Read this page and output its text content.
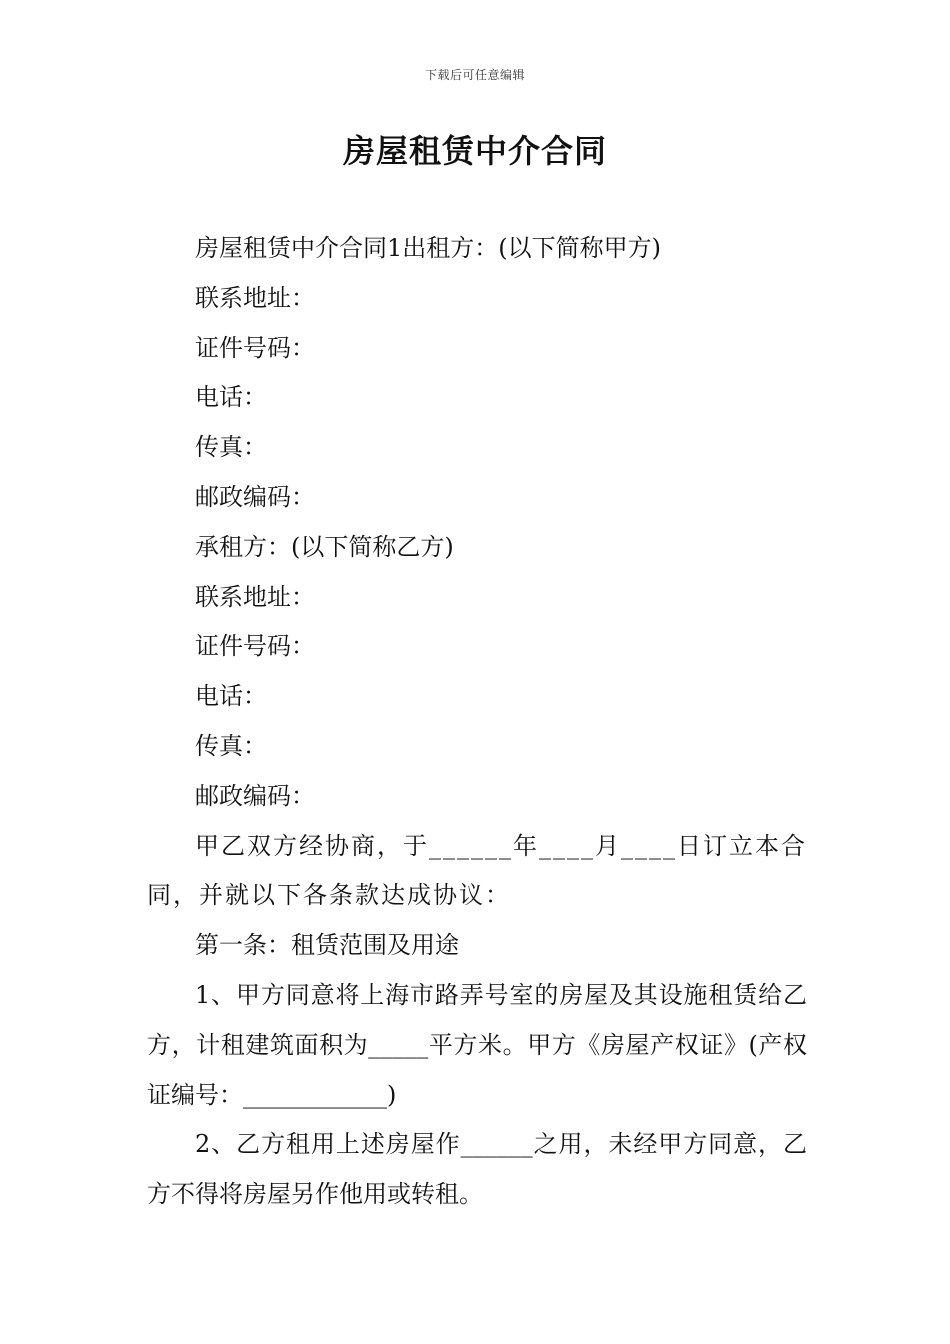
下载后可任意编辑
房屋租赁中介合同

房屋租赁中介合同1出租方：(以下简称甲方)

联系地址：

证件号码：

电话：

传真：

邮政编码：

承租方：(以下简称乙方)

联系地址：

证件号码：

电话：

传真：

邮政编码：

甲乙双方经协商，于______年____月____日订立本合同，并就以下各条款达成协议：

第一条：租赁范围及用途

1、甲方同意将上海市路弄号室的房屋及其设施租赁给乙方，计租建筑面积为_____平方米。甲方《房屋产权证》(产权证编号：____________)

2、乙方租用上述房屋作______之用，未经甲方同意，乙方不得将房屋另作他用或转租。
